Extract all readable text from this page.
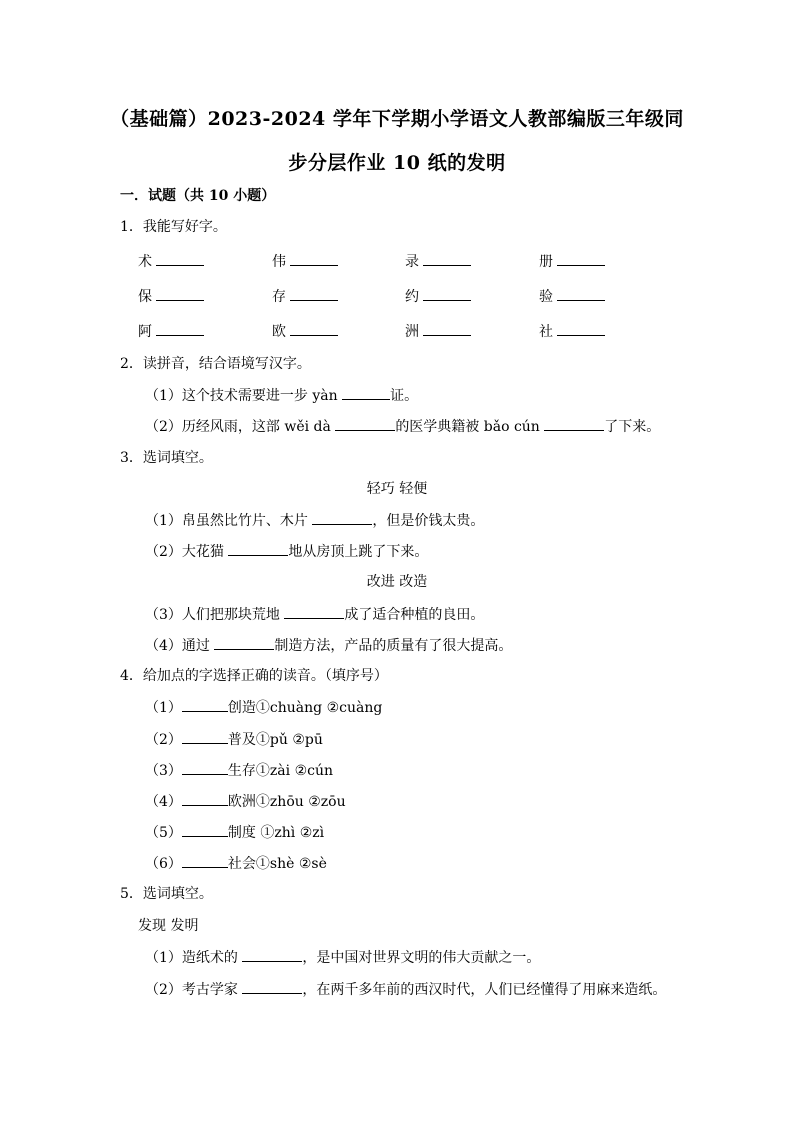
（基础篇）2023-2024 学年下学期小学语文人教部编版三年级同
步分层作业 10 纸的发明
一．试题（共 10 小题）
1．我能写好字。
术	伟	录	册
保	存	约	验
阿	欧	洲	社
2．读拼音，结合语境写汉字。
（1）这个技术需要进一步 yàn	证。
（2）历经风雨，这部 wěi dà	的医学典籍被 bǎo cún	了下来。
3．选词填空。
轻巧 轻便
（1）帛虽然比竹片、木片	，但是价钱太贵。
（2）大花猫	地从房顶上跳了下来。
改进 改造
（3）人们把那块荒地	成了适合种植的良田。
（4）通过	制造方法，产品的质量有了很大提高。
4．给加点的字选择正确的读音。（填序号）
（1）	创造①chuàng ②cuàng
（2）	普及①pǔ ②pū
（3）	生存①zài ②cún
（4）	欧洲①zhōu ②zōu
（5）	制度 ①zhì ②zì
（6）	社会①shè ②sè
5．选词填空。
发现 发明
（1）造纸术的	，是中国对世界文明的伟大贡献之一。
（2）考古学家	，在两千多年前的西汉时代，人们已经懂得了用麻来造纸。
